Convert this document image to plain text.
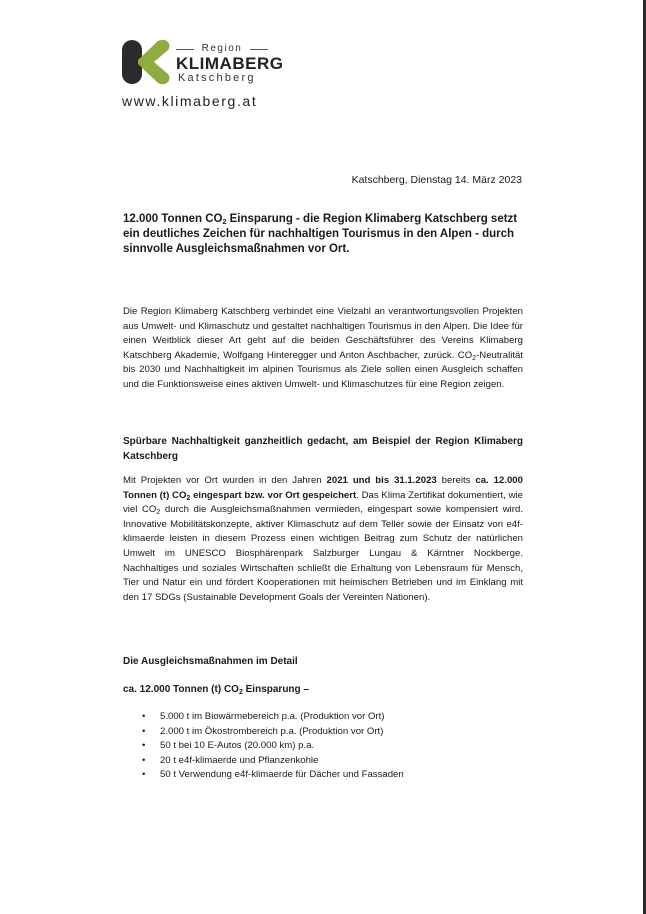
Region
KLIMABERG
Katschberg
www.klimaberg.at
Katschberg, Dienstag 14. März 2023
12.000 Tonnen $CO_2$ Einsparung - die Region Klimaberg Katschberg setzt ein deutliches Zeichen für nachhaltigen Tourismus in den Alpen - durch sinnvolle Ausgleichsmaßnahmen vor Ort.
Die Region Klimaberg Katschberg verbindet eine Vielzahl an verantwortungsvollen Projekten aus Umwelt- und Klimaschutz und gestaltet nachhaltigen Tourismus in den Alpen. Die Idee für einen Weitblick dieser Art geht auf die beiden Geschäftsführer des Vereins Klimaberg Katschberg Akademie, Wolfgang Hinteregger und Anton Aschbacher, zurück. $CO_2$-Neutralität bis 2030 und Nachhaltigkeit im alpinen Tourismus als Ziele sollen einen Ausgleich schaffen und die Funktionsweise eines aktiven Umwelt- und Klimaschutzes für eine Region zeigen.
Spürbare Nachhaltigkeit ganzheitlich gedacht, am Beispiel der Region Klimaberg Katschberg
Mit Projekten vor Ort wurden in den Jahren 2021 und bis 31.1.2023 bereits ca. 12.000 Tonnen (t) $CO_2$ eingespart bzw. vor Ort gespeichert. Das Klima Zertifikat dokumentiert, wie viel $CO_2$ durch die Ausgleichsmaßnahmen vermieden, eingespart sowie kompensiert wird. Innovative Mobilitätskonzepte, aktiver Klimaschutz auf dem Teller sowie der Einsatz von e4f-klimaerde leisten in diesem Prozess einen wichtigen Beitrag zum Schutz der natürlichen Umwelt im UNESCO Biosphärenpark Salzburger Lungau & Kärntner Nockberge. Nachhaltiges und soziales Wirtschaften schließt die Erhaltung von Lebensraum für Mensch, Tier und Natur ein und fördert Kooperationen mit heimischen Betrieben und im Einklang mit den 17 SDGs (Sustainable Development Goals der Vereinten Nationen).
Die Ausgleichsmaßnahmen im Detail
ca. 12.000 Tonnen (t) $CO_2$ Einsparung –
• 5.000 t im Biowärmebereich p.a. (Produktion vor Ort)
• 2.000 t im Ökostrombereich p.a. (Produktion vor Ort)
• 50 t bei 10 E-Autos (20.000 km) p.a.
• 20 t e4f-klimaerde und Pflanzenkohle
• 50 t Verwendung e4f-klimaerde für Dächer und Fassaden
